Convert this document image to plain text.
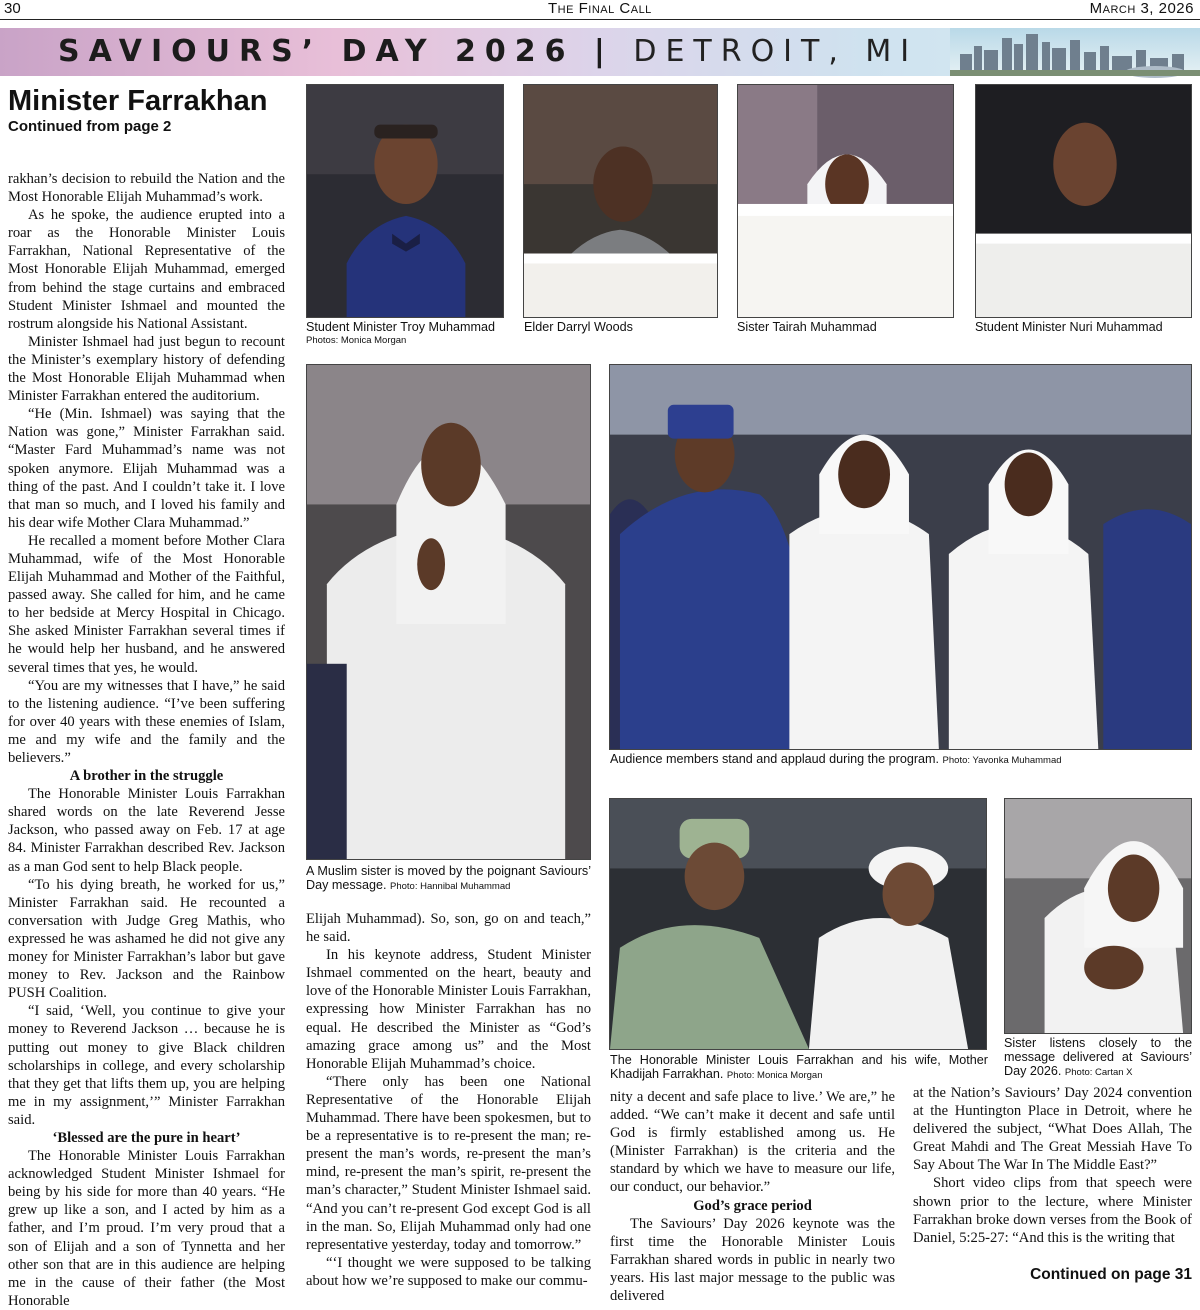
30	The Final Call	March 3, 2026
SAVIOURS’ DAY 2026 | DETROIT, MI
Minister Farrakhan
Continued from page 2

rakhan’s decision to rebuild the Nation and the Most Honorable Elijah Muhammad’s work.

As he spoke, the audience erupted into a roar as the Honorable Minister Louis Farrakhan, National Representative of the Most Honorable Elijah Muhammad, emerged from behind the stage curtains and embraced Student Minister Ishmael and mounted the rostrum alongside his National Assistant.

Minister Ishmael had just begun to recount the Minister’s exemplary history of defending the Most Honorable Elijah Muhammad when Minister Farrakhan entered the auditorium.

“He (Min. Ishmael) was saying that the Nation was gone,” Minister Farrakhan said. “Master Fard Muhammad’s name was not spoken anymore. Elijah Muhammad was a thing of the past. And I couldn’t take it. I love that man so much, and I loved his family and his dear wife Mother Clara Muhammad.”

He recalled a moment before Mother Clara Muhammad, wife of the Most Honorable Elijah Muhammad and Mother of the Faithful, passed away. She called for him, and he came to her bedside at Mercy Hospital in Chicago. She asked Minister Farrakhan several times if he would help her husband, and he answered several times that yes, he would.

“You are my witnesses that I have,” he said to the listening audience. “I’ve been suffering for over 40 years with these enemies of Islam, me and my wife and the family and the believers.”

A brother in the struggle

The Honorable Minister Louis Farrakhan shared words on the late Reverend Jesse Jackson, who passed away on Feb. 17 at age 84. Minister Farrakhan described Rev. Jackson as a man God sent to help Black people.

“To his dying breath, he worked for us,” Minister Farrakhan said. He recounted a conversation with Judge Greg Mathis, who expressed he was ashamed he did not give any money for Minister Farrakhan’s labor but gave money to Rev. Jackson and the Rainbow PUSH Coalition.

“I said, ‘Well, you continue to give your money to Reverend Jackson … because he is putting out money to give Black children scholarships in college, and every scholarship that they get that lifts them up, you are helping me in my assignment,’” Minister Farrakhan said.

‘Blessed are the pure in heart’

The Honorable Minister Louis Farrakhan acknowledged Student Minister Ishmael for being by his side for more than 40 years. “He grew up like a son, and I acted by him as a father, and I’m proud. I’m very proud that a son of Elijah and a son of Tynnetta and her other son that are in this audience are helping me in the cause of their father (the Most Honorable

Student Minister Troy Muhammad
Photos: Monica Morgan
Elder Darryl Woods	Sister Tairah Muhammad	Student Minister Nuri Muhammad
A Muslim sister is moved by the poignant Saviours’ Day message. Photo: Hannibal Muhammad
Audience members stand and applaud during the program. Photo: Yavonka Muhammad
The Honorable Minister Louis Farrakhan and his wife, Mother Khadijah Farrakhan. Photo: Monica Morgan
Sister listens closely to the message delivered at Saviours’ Day 2026. Photo: Cartan X

Elijah Muhammad). So, son, go on and teach,” he said.

In his keynote address, Student Minister Ishmael commented on the heart, beauty and love of the Honorable Minister Louis Farrakhan, expressing how Minister Farrakhan has no equal. He described the Minister as “God’s amazing grace among us” and the Most Honorable Elijah Muhammad’s choice.

“There only has been one National Representative of the Honorable Elijah Muhammad. There have been spokesmen, but to be a representative is to re-present the man; re-present the man’s words, re-present the man’s mind, re-present the man’s spirit, re-present the man’s character,” Student Minister Ishmael said. “And you can’t re-present God except God is all in the man. So, Elijah Muhammad only had one representative yesterday, today and tomorrow.”

“‘I thought we were supposed to be talking about how we’re supposed to make our commu-

nity a decent and safe place to live.’ We are,” he added. “We can’t make it decent and safe until God is firmly established among us. He (Minister Farrakhan) is the criteria and the standard by which we have to measure our life, our conduct, our behavior.”

God’s grace period

The Saviours’ Day 2026 keynote was the first time the Honorable Minister Louis Farrakhan shared words in public in nearly two years. His last major message to the public was delivered

at the Nation’s Saviours’ Day 2024 convention at the Huntington Place in Detroit, where he delivered the subject, “What Does Allah, The Great Mahdi and The Great Messiah Have To Say About The War In The Middle East?”

Short video clips from that speech were shown prior to the lecture, where Minister Farrakhan broke down verses from the Book of Daniel, 5:25-27: “And this is the writing that

Continued on page 31
